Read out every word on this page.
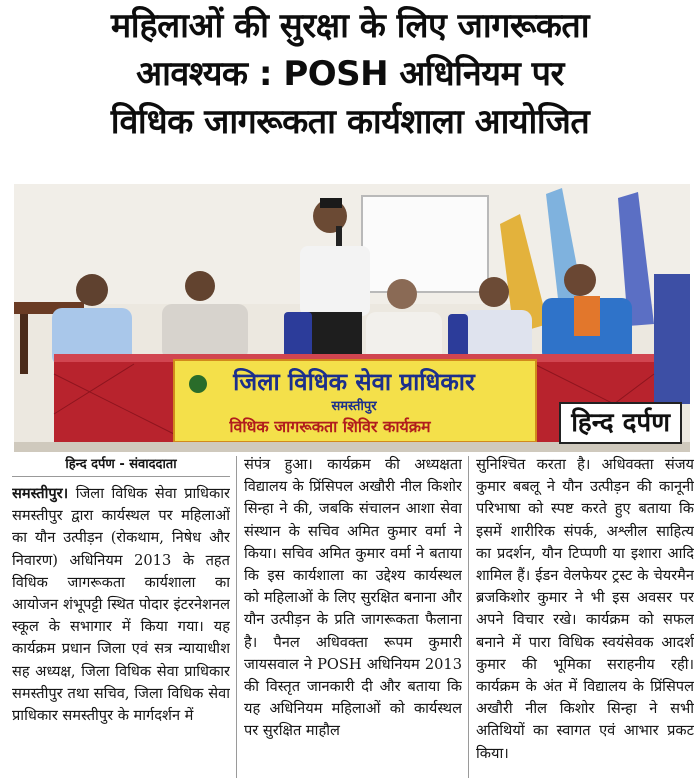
महिलाओं की सुरक्षा के लिए जागरूकता
आवश्यक : POSH अधिनियम पर
विधिक जागरूकता कार्यशाला आयोजित
जिला विधिक सेवा प्राधिकार
समस्तीपुर
विधिक जागरूकता शिविर कार्यक्रम	हिन्द दर्पण
हिन्द दर्पण - संवाददाता

समस्तीपुर। जिला विधिक सेवा प्राधिकार समस्तीपुर द्वारा कार्यस्थल पर महिलाओं का यौन उत्पीड़न (रोकथाम, निषेध और निवारण) अधिनियम 2013 के तहत विधिक जागरूकता कार्यशाला का आयोजन शंभूपट्टी स्थित पोदार इंटरनेशनल स्कूल के सभागार में किया गया। यह कार्यक्रम प्रधान जिला एवं सत्र न्यायाधीश सह अध्यक्ष, जिला विधिक सेवा प्राधिकार समस्तीपुर तथा सचिव, जिला विधिक सेवा प्राधिकार समस्तीपुर के मार्गदर्शन में

संपंत्र हुआ। कार्यक्रम की अध्यक्षता विद्यालय के प्रिंसिपल अखौरी नील किशोर सिन्हा ने की, जबकि संचालन आशा सेवा संस्थान के सचिव अमित कुमार वर्मा ने किया। सचिव अमित कुमार वर्मा ने बताया कि इस कार्यशाला का उद्देश्य कार्यस्थल को महिलाओं के लिए सुरक्षित बनाना और यौन उत्पीड़न के प्रति जागरूकता फैलाना है। पैनल अधिवक्ता रूपम कुमारी जायसवाल ने POSH अधिनियम 2013 की विस्तृत जानकारी दी और बताया कि यह अधिनियम महिलाओं को कार्यस्थल पर सुरक्षित माहौल

सुनिश्चित करता है। अधिवक्ता संजय कुमार बबलू ने यौन उत्पीड़न की कानूनी परिभाषा को स्पष्ट करते हुए बताया कि इसमें शारीरिक संपर्क, अश्लील साहित्य का प्रदर्शन, यौन टिप्पणी या इशारा आदि शामिल हैं। ईडन वेलफेयर ट्रस्ट के चेयरमैन ब्रजकिशोर कुमार ने भी इस अवसर पर अपने विचार रखे। कार्यक्रम को सफल बनाने में पारा विधिक स्वयंसेवक आदर्श कुमार की भूमिका सराहनीय रही। कार्यक्रम के अंत में विद्यालय के प्रिंसिपल अखौरी नील किशोर सिन्हा ने सभी अतिथियों का स्वागत एवं आभार प्रकट किया।
